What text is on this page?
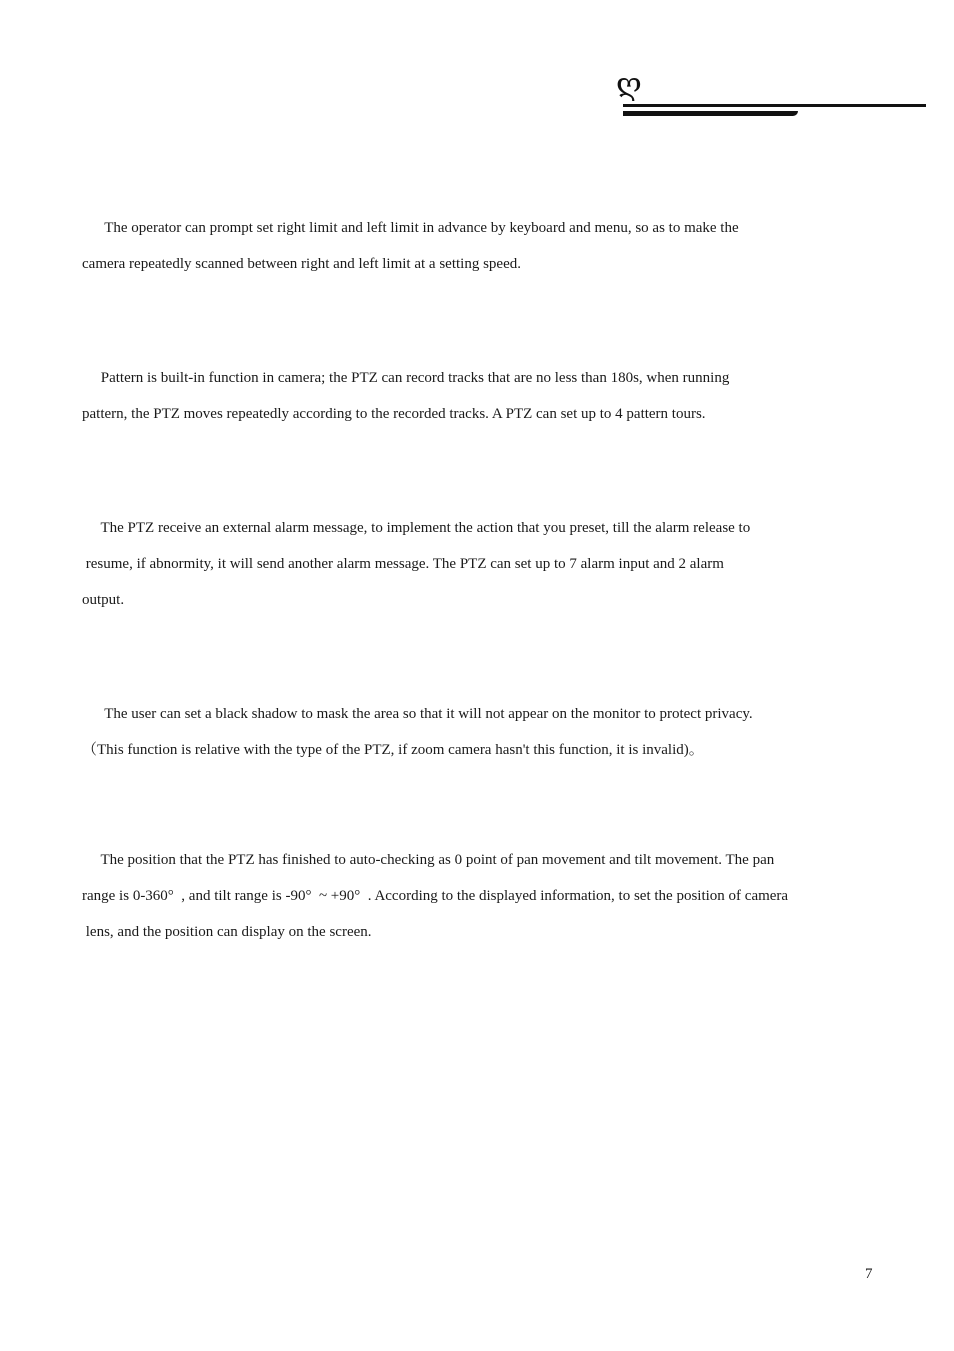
ღ

The operator can prompt set right limit and left limit in advance by keyboard and menu, so as to make the
camera repeatedly scanned between right and left limit at a setting speed.

Pattern is built-in function in camera; the PTZ can record tracks that are no less than 180s, when running
pattern, the PTZ moves repeatedly according to the recorded tracks. A PTZ can set up to 4 pattern tours.

The PTZ receive an external alarm message, to implement the action that you preset, till the alarm release to
resume, if abnormity, it will send another alarm message. The PTZ can set up to 7 alarm input and 2 alarm
output.

The user can set a black shadow to mask the area so that it will not appear on the monitor to protect privacy.
（This function is relative with the type of the PTZ, if zoom camera hasn't this function, it is invalid)。

The position that the PTZ has finished to auto-checking as 0 point of pan movement and tilt movement. The pan
range is 0-360°  , and tilt range is -90°  ~ +90°  . According to the displayed information, to set the position of camera
lens, and the position can display on the screen.

7
